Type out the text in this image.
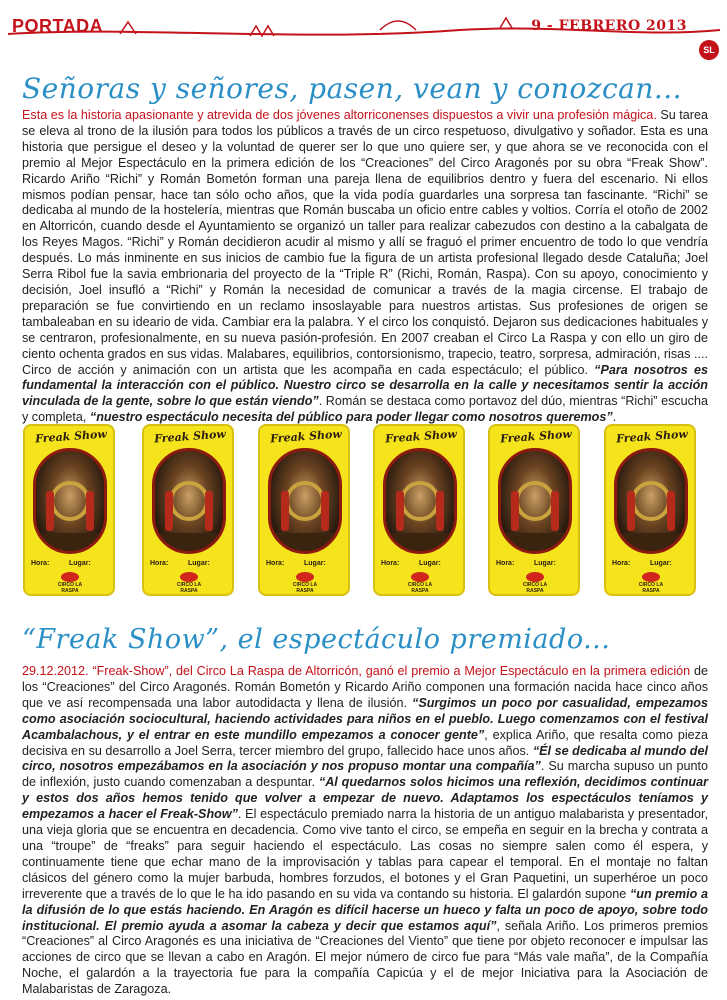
PORTADA	9 - FEBRERO 2013
SL
Señoras y señores, pasen, vean y conozcan...
Esta es la historia apasionante y atrevida de dos jóvenes altorriconenses dispuestos a vivir una profesión mágica. Su tarea se eleva al trono de la ilusión para todos los públicos a través de un circo respetuoso, divulgativo y soñador. Esta es una historia que persigue el deseo y la voluntad de querer ser lo que uno quiere ser, y que ahora se ve reconocida con el premio al Mejor Espectáculo en la primera edición de los “Creaciones” del Circo Aragonés por su obra “Freak Show”. Ricardo Ariño “Richi” y Román Bometón forman una pareja llena de equilibrios dentro y fuera del escenario. Ni ellos mismos podían pensar, hace tan sólo ocho años, que la vida podía guardarles una sorpresa tan fascinante. “Richi” se dedicaba al mundo de la hostelería, mientras que Román buscaba un oficio entre cables y voltios. Corría el otoño de 2002 en Altorricón, cuando desde el Ayuntamiento se organizó un taller para realizar cabezudos con destino a la cabalgata de los Reyes Magos. “Richi” y Román decidieron acudir al mismo y allí se fraguó el primer encuentro de todo lo que vendría después. Lo más inminente en sus inicios de cambio fue la figura de un artista profesional llegado desde Cataluña; Joel Serra Ribol fue la savia embrionaria del proyecto de la “Triple R” (Richi, Román, Raspa). Con su apoyo, conocimiento y decisión, Joel insufló a “Richi” y Román la necesidad de comunicar a través de la magia circense. El trabajo de preparación se fue convirtiendo en un reclamo insoslayable para nuestros artistas. Sus profesiones de origen se tambaleaban en su ideario de vida. Cambiar era la palabra. Y el circo los conquistó. Dejaron sus dedicaciones habituales y se centraron, profesionalmente, en su nueva pasión-profesión. En 2007 creaban el Circo La Raspa y con ello un giro de ciento ochenta grados en sus vidas. Malabares, equilibrios, contorsionismo, trapecio, teatro, sorpresa, admiración, risas .... Circo de acción y animación con un artista que les acompaña en cada espectáculo; el público. “Para nosotros es fundamental la interacción con el público. Nuestro circo se desarrolla en la calle y necesitamos sentir la acción vinculada de la gente, sobre lo que están viendo”. Román se destaca como portavoz del dúo, mientras “Richi” escucha y completa, “nuestro espectáculo necesita del público para poder llegar como nosotros queremos”.
Freak Show
Hora:	Lugar:
CIRCO LA RASPA
Freak Show
Hora:	Lugar:
CIRCO LA RASPA
Freak Show
Hora:	Lugar:
CIRCO LA RASPA
Freak Show
Hora:	Lugar:
CIRCO LA RASPA
Freak Show
Hora:	Lugar:
CIRCO LA RASPA
Freak Show
Hora:	Lugar:
CIRCO LA RASPA
“Freak Show”, el espectáculo premiado...
29.12.2012. “Freak-Show”, del Circo La Raspa de Altorricón, ganó el premio a Mejor Espectáculo en la primera edición de los “Creaciones” del Circo Aragonés. Román Bometón y Ricardo Ariño componen una formación nacida hace cinco años que ve así recompensada una labor autodidacta y llena de ilusión. “Surgimos un poco por casualidad, empezamos como asociación sociocultural, haciendo actividades para niños en el pueblo. Luego comenzamos con el festival Acambalachous, y el entrar en este mundillo empezamos a conocer gente”, explica Ariño, que resalta como pieza decisiva en su desarrollo a Joel Serra, tercer miembro del grupo, fallecido hace unos años. “Él se dedicaba al mundo del circo, nosotros empezábamos en la asociación y nos propuso montar una compañía”. Su marcha supuso un punto de inflexión, justo cuando comenzaban a despuntar. “Al quedarnos solos hicimos una reflexión, decidimos continuar y estos dos años hemos tenido que volver a empezar de nuevo. Adaptamos los espectáculos teníamos y empezamos a hacer el Freak-Show”. El espectáculo premiado narra la historia de un antiguo malabarista y presentador, una vieja gloria que se encuentra en decadencia. Como vive tanto el circo, se empeña en seguir en la brecha y contrata a una “troupe” de “freaks” para seguir haciendo el espectáculo. Las cosas no siempre salen como él espera, y continuamente tiene que echar mano de la improvisación y tablas para capear el temporal. En el montaje no faltan clásicos del género como la mujer barbuda, hombres forzudos, el botones y el Gran Paquetini, un superhéroe un poco irreverente que a través de lo que le ha ido pasando en su vida va contando su historia. El galardón supone “un premio a la difusión de lo que estás haciendo. En Aragón es difícil hacerse un hueco y falta un poco de apoyo, sobre todo institucional. El premio ayuda a asomar la cabeza y decir que estamos aquí”, señala Ariño. Los primeros premios “Creaciones” al Circo Aragonés es una iniciativa de “Creaciones del Viento” que tiene por objeto reconocer e impulsar las acciones de circo que se llevan a cabo en Aragón. El mejor número de circo fue para “Más vale maña”, de la Compañía Noche, el galardón a la trayectoria fue para la compañía Capicúa y el de mejor Iniciativa para la Asociación de Malabaristas de Zaragoza.
